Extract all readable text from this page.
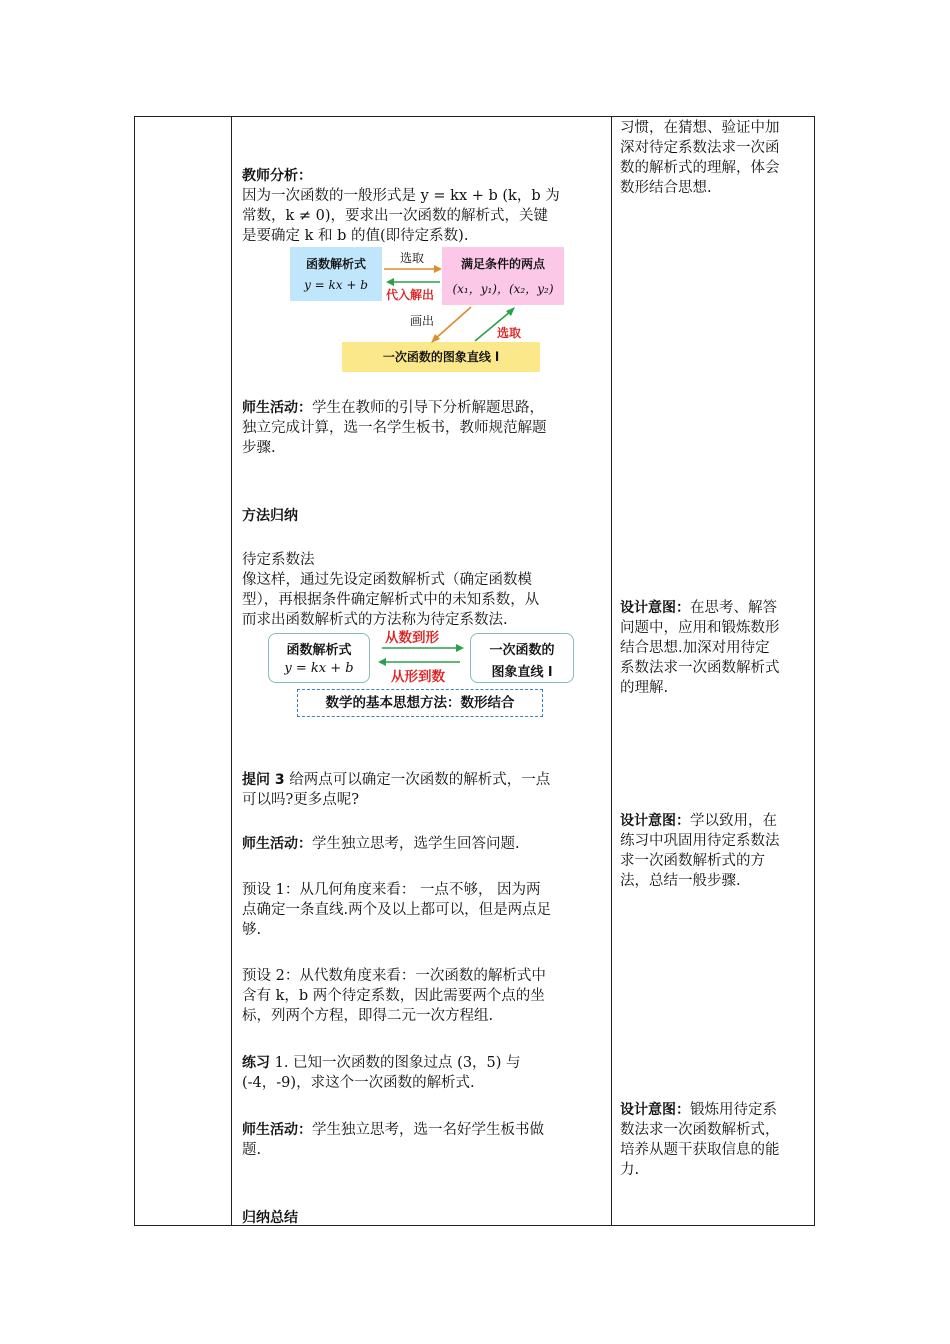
习惯，在猜想、验证中加
深对待定系数法求一次函
数的解析式的理解，体会
数形结合思想.

设计意图：在思考、解答
问题中，应用和锻炼数形
结合思想.加深对用待定
系数法求一次函数解析式
的理解.

设计意图：学以致用，在
练习中巩固用待定系数法
求一次函数解析式的方
法，总结一般步骤.

设计意图：锻炼用待定系
数法求一次函数解析式，
培养从题干获取信息的能
力.

教师分析：
因为一次函数的一般形式是 y = kx + b (k，b 为
常数，k ≠ 0)，要求出一次函数的解析式，关键
是要确定 k 和 b 的值(即待定系数).

函数解析式
y = kx + b
满足条件的两点
(x₁，y₁)，(x₂，y₂)
一次函数的图象直线 l
选取
代入解出
画出
选取

师生活动：学生在教师的引导下分析解题思路，
独立完成计算，选一名学生板书，教师规范解题
步骤.

方法归纳

待定系数法
像这样，通过先设定函数解析式（确定函数模
型），再根据条件确定解析式中的未知系数，从
而求出函数解析式的方法称为待定系数法.

函数解析式
y = kx + b
一次函数的
图象直线 l
从数到形
从形到数
数学的基本思想方法：数形结合

提问 3 给两点可以确定一次函数的解析式，一点
可以吗?更多点呢?

师生活动：学生独立思考，选学生回答问题.

预设 1：从几何角度来看： 一点不够， 因为两
点确定一条直线.两个及以上都可以，但是两点足
够.

预设 2：从代数角度来看：一次函数的解析式中
含有 k，b 两个待定系数，因此需要两个点的坐
标，列两个方程，即得二元一次方程组.

练习 1. 已知一次函数的图象过点 (3，5) 与
(-4，-9)，求这个一次函数的解析式.

师生活动：学生独立思考，选一名好学生板书做
题.

归纳总结
